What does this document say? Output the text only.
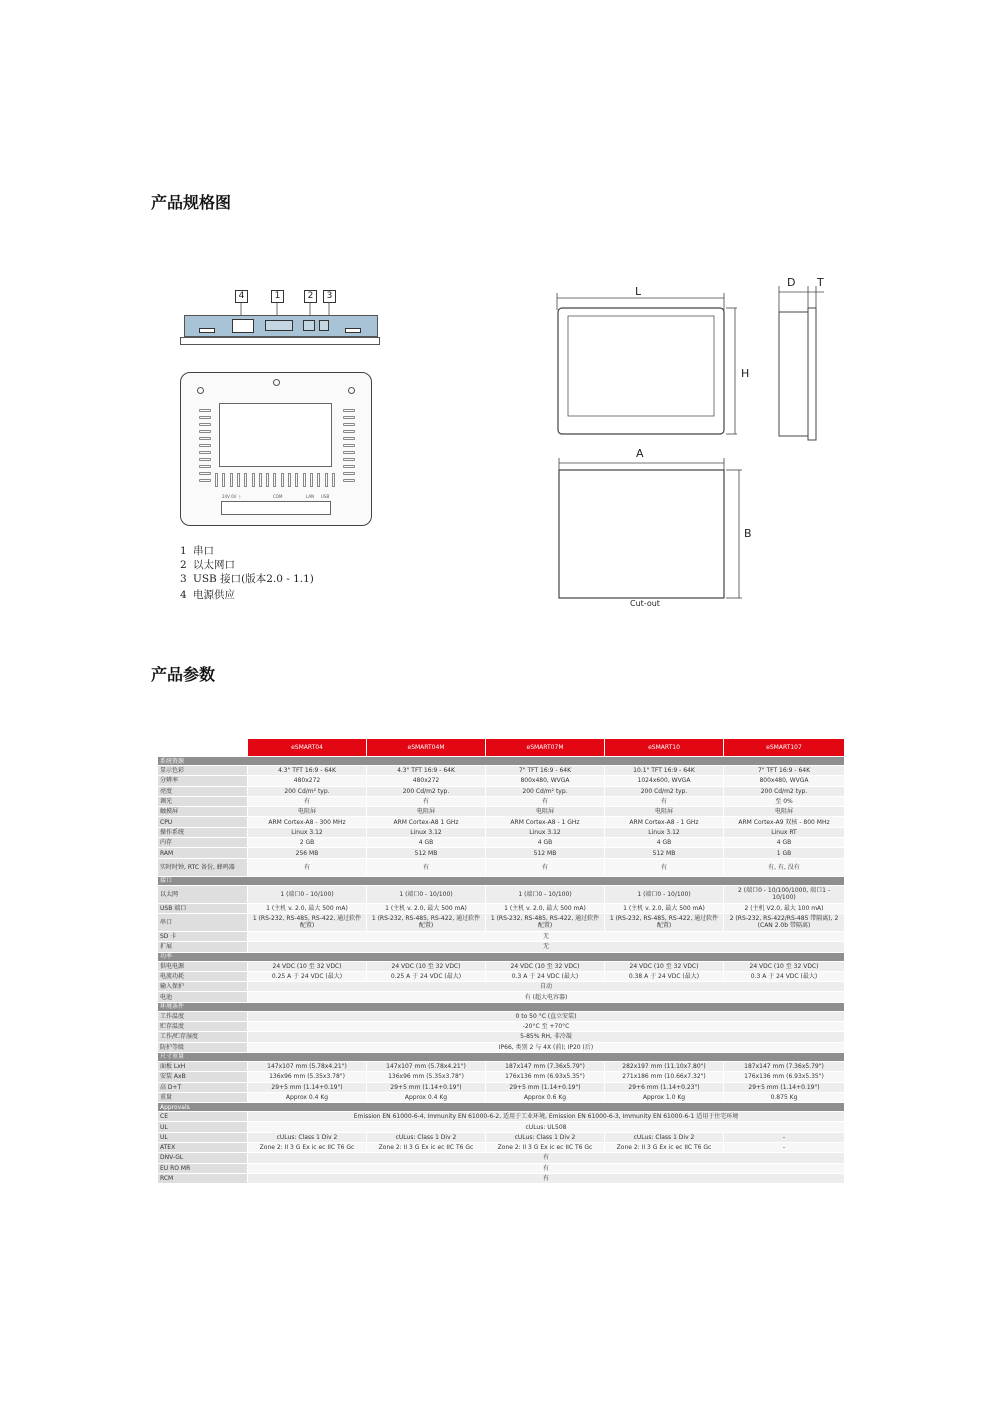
产品规格图
产品参数
4	1	2	3
24V 0V ⏚	COM	LAN USB
1 串口
2 以太网口
3 USB 接口(版本2.0 - 1.1)
4 电源供应
L
H
D T
A
B
Cut-out
	eSMART04	eSMART04M	eSMART07M	eSMART10	eSMART107
系统资源					
显示色彩	4.3" TFT 16:9 - 64K	4.3" TFT 16:9 - 64K	7" TFT 16:9 - 64K	10.1" TFT 16:9 - 64K	7" TFT 16:9 - 64K
分辨率	480x272	480x272	800x480, WVGA	1024x600, WVGA	800x480, WVGA
亮度	200 Cd/m² typ.	200 Cd/m2 typ.	200 Cd/m² typ.	200 Cd/m2 typ.	200 Cd/m2 typ.
调光	有	有	有	有	至 0%
触摸屏	电阻屏	电阻屏	电阻屏	电阻屏	电阻屏
CPU	ARM Cortex-A8 - 300 MHz	ARM Cortex-A8 1 GHz	ARM Cortex-A8 - 1 GHz	ARM Cortex-A8 - 1 GHz	ARM Cortex-A9 双核 - 800 MHz
操作系统	Linux 3.12	Linux 3.12	Linux 3.12	Linux 3.12	Linux RT
内存	2 GB	4 GB	4 GB	4 GB	4 GB
RAM	256 MB	512 MB	512 MB	512 MB	1 GB
实时时钟, RTC 备份, 蜂鸣器	有	有	有	有	有, 有, 没有
接口					
以太网	1 (端口0 - 10/100)	1 (端口0 - 10/100)	1 (端口0 - 10/100)	1 (端口0 - 10/100)	2 (端口0 - 10/100/1000, 端口1 - 10/100)
USB 端口	1 (主机 v. 2.0, 最大 500 mA)	1 (主机 v. 2.0, 最大 500 mA)	1 (主机 v. 2.0, 最大 500 mA)	1 (主机 v. 2.0, 最大 500 mA)	2 (主机 V2.0, 最大 100 mA)
串口	1 (RS-232, RS-485, RS-422, 通过软件配置)	1 (RS-232, RS-485, RS-422, 通过软件配置)	1 (RS-232, RS-485, RS-422, 通过软件配置)	1 (RS-232, RS-485, RS-422, 通过软件配置)	2 (RS-232, RS-422/RS-485 带隔离), 2 (CAN 2.0b 带隔离)
SD 卡	无				
扩展	无				
功率					
供电电源	24 VDC (10 至 32 VDC)	24 VDC (10 至 32 VDC)	24 VDC (10 至 32 VDC)	24 VDC (10 至 32 VDC)	24 VDC (10 至 32 VDC)
电流功耗	0.25 A 于 24 VDC (最大)	0.25 A 于 24 VDC (最大)	0.3 A 于 24 VDC (最大)	0.38 A 于 24 VDC (最大)	0.3 A 于 24 VDC (最大)
输入保护	自动				
电池	有 (超大电容器)				
环境条件					
工作温度	0 to 50 °C (直立安装)				
贮存温度	-20°C 至 +70°C				
工作/贮存湿度	5-85% RH, 非冷凝				
防护等级	IP66, 类别 2 与 4X (前); IP20 (后)				
尺寸重量					
面板 LxH	147x107 mm (5.78x4.21")	147x107 mm (5.78x4.21")	187x147 mm (7.36x5.79")	282x197 mm (11.10x7.80")	187x147 mm (7.36x5.79")
安装 AxB	136x96 mm (5.35x3.78")	136x96 mm (5.35x3.78")	176x136 mm (6.93x5.35")	271x186 mm (10.66x7.32")	176x136 mm (6.93x5.35")
高 D+T	29+5 mm (1.14+0.19")	29+5 mm (1.14+0.19")	29+5 mm (1.14+0.19")	29+6 mm (1.14+0.23")	29+5 mm (1.14+0.19")
重量	Approx 0.4 Kg	Approx 0.4 Kg	Approx 0.6 Kg	Approx 1.0 Kg	0.875 Kg
Approvals					
CE	Emission EN 61000-6-4, Immunity EN 61000-6-2, 适用于工业环境, Emission EN 61000-6-3, Immunity EN 61000-6-1 适用于住宅环境				
UL	cULus: UL508				
UL	cULus: Class 1 Div 2	cULus: Class 1 Div 2	cULus: Class 1 Div 2	cULus: Class 1 Div 2	-
ATEX	Zone 2: II 3 G Ex ic ec IIC T6 Gc	Zone 2: II 3 G Ex ic ec IIC T6 Gc	Zone 2: II 3 G Ex ic ec IIC T6 Gc	Zone 2: II 3 G Ex ic ec IIC T6 Gc	-
DNV-GL	有				
EU RO MR	有				
RCM	有				
